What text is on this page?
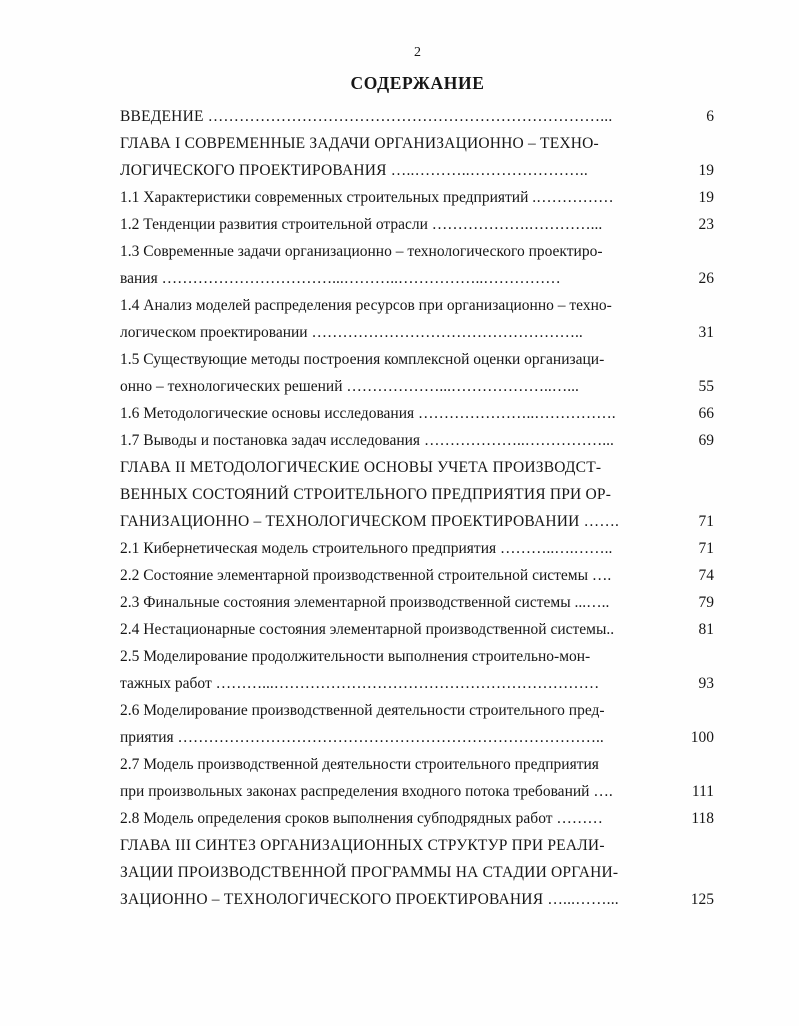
2
СОДЕРЖАНИЕ
ВВЕДЕНИЕ …………………………………………………………………...	6
ГЛАВА I СОВРЕМЕННЫЕ ЗАДАЧИ ОРГАНИЗАЦИОННО – ТЕХНО-
ЛОГИЧЕСКОГО ПРОЕКТИРОВАНИЯ …..………..…………………..	19
1.1 Характеристики современных строительных предприятий .……………	19
1.2 Тенденции развития строительной отрасли ……………….…………...	23
1.3 Современные задачи организационно – технологического проектиро-
вания ……………………………...………..……………..……………	26
1.4 Анализ моделей распределения ресурсов при организационно – техно-
логическом проектировании ……………………………………………..	31
1.5 Существующие методы построения комплексной оценки организаци-
онно – технологических решений ………………...………………..…...	55
1.6 Методологические основы исследования …………………..…………….	66
1.7 Выводы и постановка задач исследования ………………..……………...	69
ГЛАВА II МЕТОДОЛОГИЧЕСКИЕ ОСНОВЫ УЧЕТА ПРОИЗВОДСТ-
ВЕННЫХ СОСТОЯНИЙ СТРОИТЕЛЬНОГО ПРЕДПРИЯТИЯ ПРИ ОР-
ГАНИЗАЦИОННО – ТЕХНОЛОГИЧЕСКОМ ПРОЕКТИРОВАНИИ …….	71
2.1 Кибернетическая модель строительного предприятия ………..….……..	71
2.2 Состояние элементарной производственной строительной системы ….	74
2.3 Финальные состояния элементарной производственной системы ...…..	79
2.4 Нестационарные состояния элементарной производственной системы..	81
2.5 Моделирование продолжительности выполнения строительно-мон-
тажных работ ………...………………………………………………………	93
2.6 Моделирование производственной деятельности строительного пред-
приятия ………………………………………………………………………..	100
2.7 Модель производственной деятельности строительного предприятия
при произвольных законах распределения входного потока требований ….	111
2.8 Модель определения сроков выполнения субподрядных работ ………	118
ГЛАВА III СИНТЕЗ ОРГАНИЗАЦИОННЫХ СТРУКТУР ПРИ РЕАЛИ-
ЗАЦИИ ПРОИЗВОДСТВЕННОЙ ПРОГРАММЫ НА СТАДИИ ОРГАНИ-
ЗАЦИОННО – ТЕХНОЛОГИЧЕСКОГО ПРОЕКТИРОВАНИЯ …...……...	125
